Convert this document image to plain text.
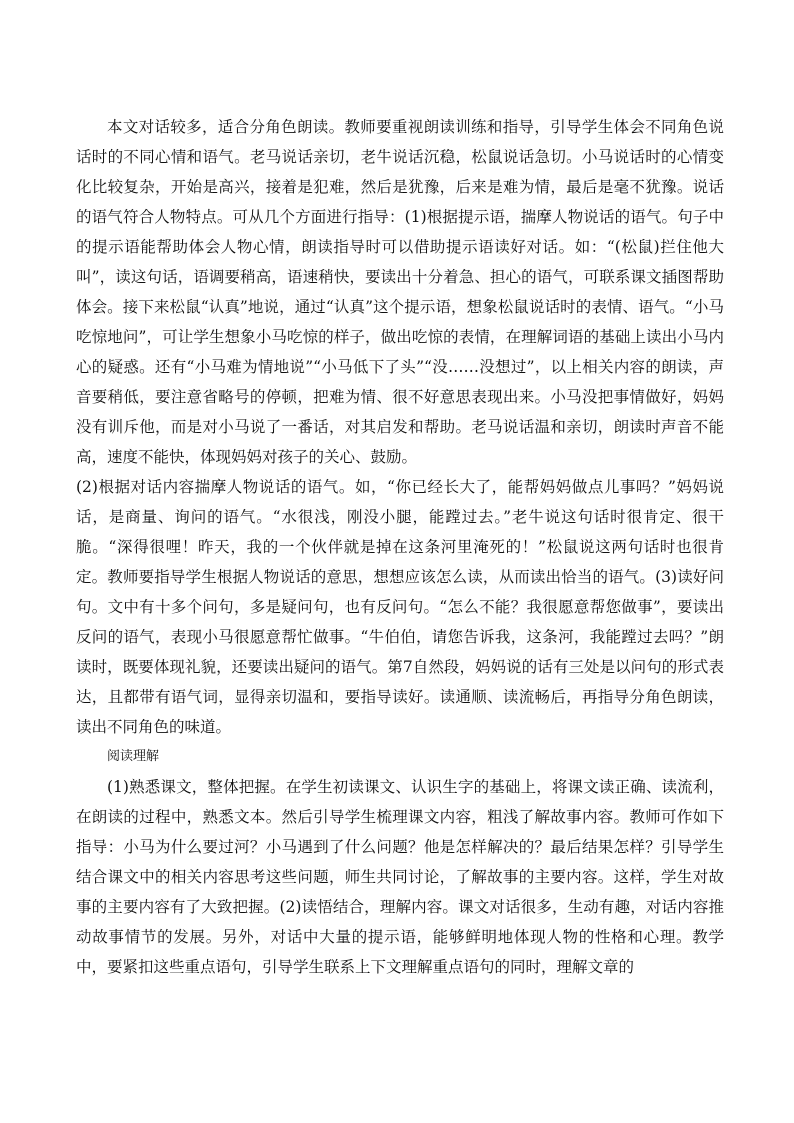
本文对话较多，适合分角色朗读。教师要重视朗读训练和指导，引导学生体会不同角色说话时的不同心情和语气。老马说话亲切，老牛说话沉稳，松鼠说话急切。小马说话时的心情变化比较复杂，开始是高兴，接着是犯难，然后是犹豫，后来是难为情，最后是毫不犹豫。说话的语气符合人物特点。可从几个方面进行指导：(1)根据提示语，揣摩人物说话的语气。句子中的提示语能帮助体会人物心情，朗读指导时可以借助提示语读好对话。如：“(松鼠)拦住他大叫”，读这句话，语调要稍高，语速稍快，要读出十分着急、担心的语气，可联系课文插图帮助体会。接下来松鼠“认真”地说，通过“认真”这个提示语，想象松鼠说话时的表情、语气。“小马吃惊地问”，可让学生想象小马吃惊的样子，做出吃惊的表情，在理解词语的基础上读出小马内心的疑惑。还有“小马难为情地说”“小马低下了头”“没……没想过”，以上相关内容的朗读，声音要稍低，要注意省略号的停顿，把难为情、很不好意思表现出来。小马没把事情做好，妈妈没有训斥他，而是对小马说了一番话，对其启发和帮助。老马说话温和亲切，朗读时声音不能高，速度不能快，体现妈妈对孩子的关心、鼓励。

(2)根据对话内容揣摩人物说话的语气。如，“你已经长大了，能帮妈妈做点儿事吗？”妈妈说话，是商量、询问的语气。“水很浅，刚没小腿，能蹚过去。”老牛说这句话时很肯定、很干脆。“深得很哩！昨天，我的一个伙伴就是掉在这条河里淹死的！”松鼠说这两句话时也很肯定。教师要指导学生根据人物说话的意思，想想应该怎么读，从而读出恰当的语气。(3)读好问句。文中有十多个问句，多是疑问句，也有反问句。“怎么不能？我很愿意帮您做事”，要读出反问的语气，表现小马很愿意帮忙做事。“牛伯伯，请您告诉我，这条河，我能蹚过去吗？”朗读时，既要体现礼貌，还要读出疑问的语气。第7自然段，妈妈说的话有三处是以问句的形式表达，且都带有语气词，显得亲切温和，要指导读好。读通顺、读流畅后，再指导分角色朗读，读出不同角色的味道。

阅读理解

(1)熟悉课文，整体把握。在学生初读课文、认识生字的基础上，将课文读正确、读流利，在朗读的过程中，熟悉文本。然后引导学生梳理课文内容，粗浅了解故事内容。教师可作如下指导：小马为什么要过河？小马遇到了什么问题？他是怎样解决的？最后结果怎样？引导学生结合课文中的相关内容思考这些问题，师生共同讨论，了解故事的主要内容。这样，学生对故事的主要内容有了大致把握。(2)读悟结合，理解内容。课文对话很多，生动有趣，对话内容推动故事情节的发展。另外，对话中大量的提示语，能够鲜明地体现人物的性格和心理。教学中，要紧扣这些重点语句，引导学生联系上下文理解重点语句的同时，理解文章的
